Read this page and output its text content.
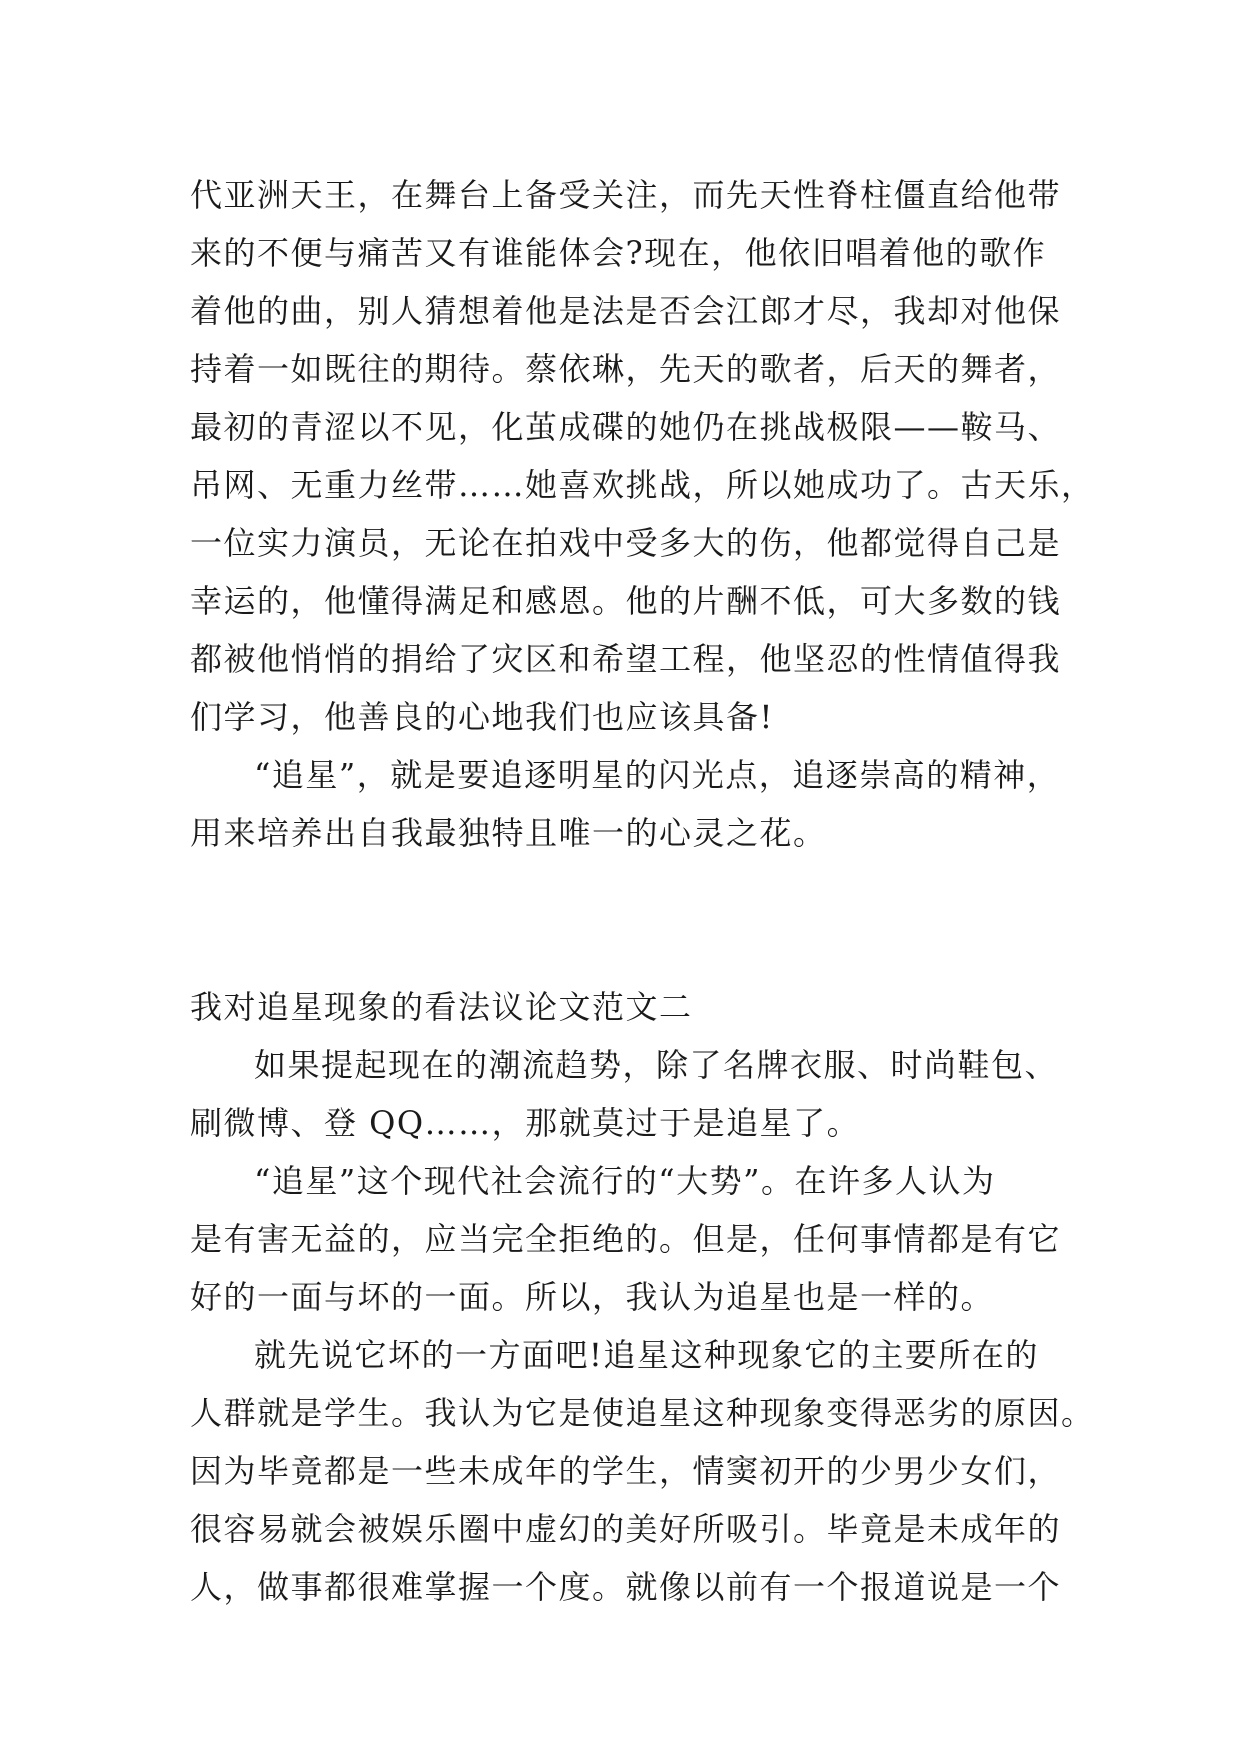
代亚洲天王，在舞台上备受关注，而先天性脊柱僵直给他带
来的不便与痛苦又有谁能体会?现在，他依旧唱着他的歌作
着他的曲，别人猜想着他是法是否会江郎才尽，我却对他保
持着一如既往的期待。蔡依琳，先天的歌者，后天的舞者，
最初的青涩以不见，化茧成碟的她仍在挑战极限——鞍马、
吊网、无重力丝带……她喜欢挑战，所以她成功了。古天乐，
一位实力演员，无论在拍戏中受多大的伤，他都觉得自己是
幸运的，他懂得满足和感恩。他的片酬不低，可大多数的钱
都被他悄悄的捐给了灾区和希望工程，他坚忍的性情值得我
们学习，他善良的心地我们也应该具备!
“追星”，就是要追逐明星的闪光点，追逐崇高的精神，
用来培养出自我最独特且唯一的心灵之花。
我对追星现象的看法议论文范文二
如果提起现在的潮流趋势，除了名牌衣服、时尚鞋包、
刷微博、登 QQ……，那就莫过于是追星了。
“追星”这个现代社会流行的“大势”。在许多人认为
是有害无益的，应当完全拒绝的。但是，任何事情都是有它
好的一面与坏的一面。所以，我认为追星也是一样的。
就先说它坏的一方面吧!追星这种现象它的主要所在的
人群就是学生。我认为它是使追星这种现象变得恶劣的原因。
因为毕竟都是一些未成年的学生，情窦初开的少男少女们，
很容易就会被娱乐圈中虚幻的美好所吸引。毕竟是未成年的
人，做事都很难掌握一个度。就像以前有一个报道说是一个
